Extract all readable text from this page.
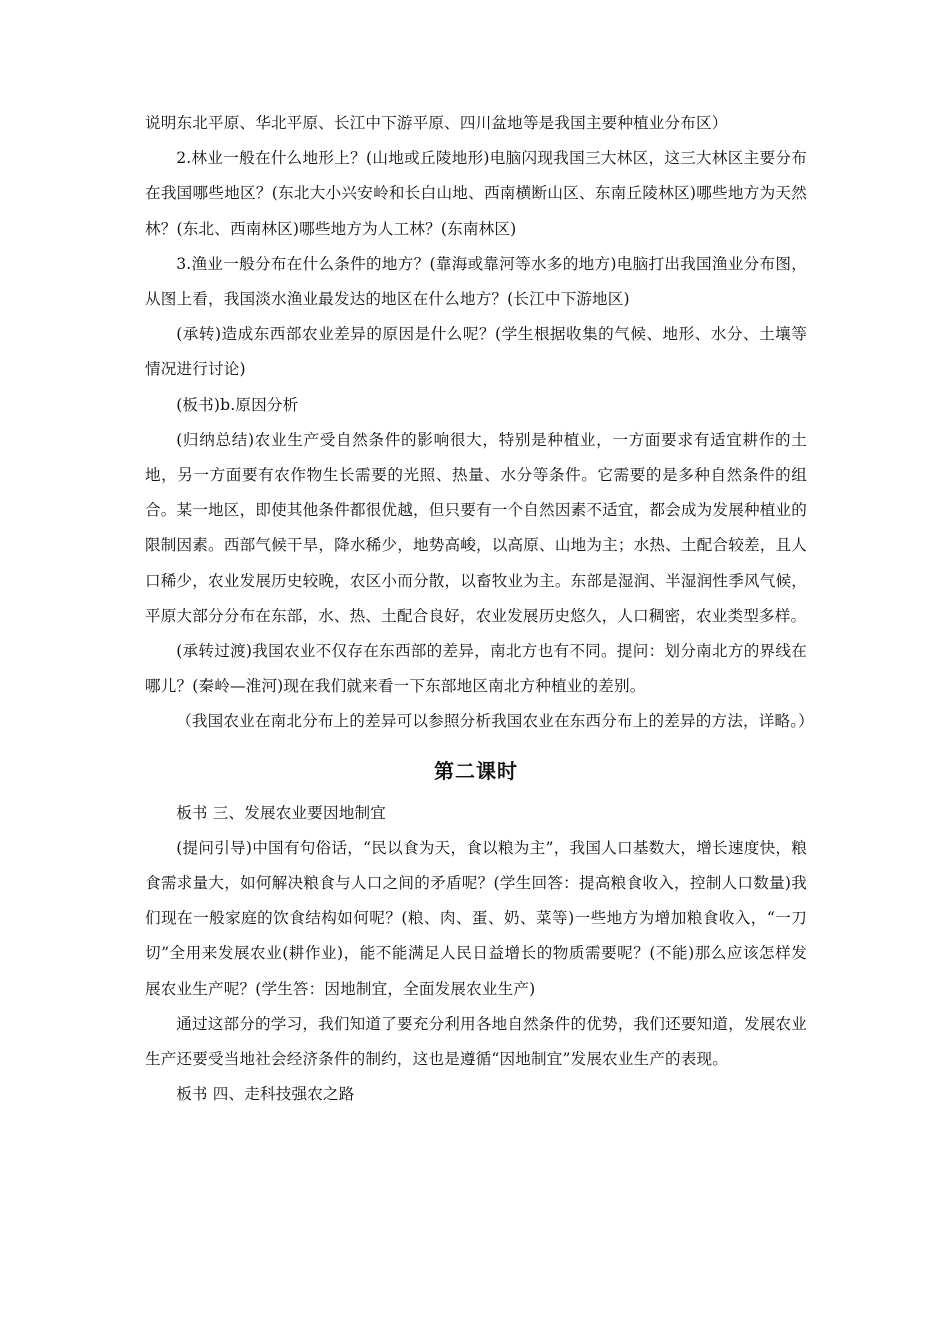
说明东北平原、华北平原、长江中下游平原、四川盆地等是我国主要种植业分布区）

2.林业一般在什么地形上？(山地或丘陵地形)电脑闪现我国三大林区，这三大林区主要分布在我国哪些地区？(东北大小兴安岭和长白山地、西南横断山区、东南丘陵林区)哪些地方为天然林？(东北、西南林区)哪些地方为人工林？(东南林区)

3.渔业一般分布在什么条件的地方？(靠海或靠河等水多的地方)电脑打出我国渔业分布图，从图上看，我国淡水渔业最发达的地区在什么地方？(长江中下游地区)

(承转)造成东西部农业差异的原因是什么呢？(学生根据收集的气候、地形、水分、土壤等情况进行讨论)

(板书)b.原因分析

(归纳总结)农业生产受自然条件的影响很大，特别是种植业，一方面要求有适宜耕作的土地，另一方面要有农作物生长需要的光照、热量、水分等条件。它需要的是多种自然条件的组合。某一地区，即使其他条件都很优越，但只要有一个自然因素不适宜，都会成为发展种植业的限制因素。西部气候干旱，降水稀少，地势高峻，以高原、山地为主；水热、土配合较差，且人口稀少，农业发展历史较晚，农区小而分散，以畜牧业为主。东部是湿润、半湿润性季风气候，平原大部分分布在东部，水、热、土配合良好，农业发展历史悠久，人口稠密，农业类型多样。

(承转过渡)我国农业不仅存在东西部的差异，南北方也有不同。提问：划分南北方的界线在哪儿？(秦岭—淮河)现在我们就来看一下东部地区南北方种植业的差别。

（我国农业在南北分布上的差异可以参照分析我国农业在东西分布上的差异的方法，详略。）

第二课时

板书 三、发展农业要因地制宜

(提问引导)中国有句俗话，“民以食为天，食以粮为主”，我国人口基数大，增长速度快，粮食需求量大，如何解决粮食与人口之间的矛盾呢？(学生回答：提高粮食收入，控制人口数量)我们现在一般家庭的饮食结构如何呢？(粮、肉、蛋、奶、菜等)一些地方为增加粮食收入，“一刀切”全用来发展农业(耕作业)，能不能满足人民日益增长的物质需要呢？(不能)那么应该怎样发展农业生产呢？(学生答：因地制宜，全面发展农业生产)

通过这部分的学习，我们知道了要充分利用各地自然条件的优势，我们还要知道，发展农业生产还要受当地社会经济条件的制约，这也是遵循“因地制宜”发展农业生产的表现。

板书 四、走科技强农之路
